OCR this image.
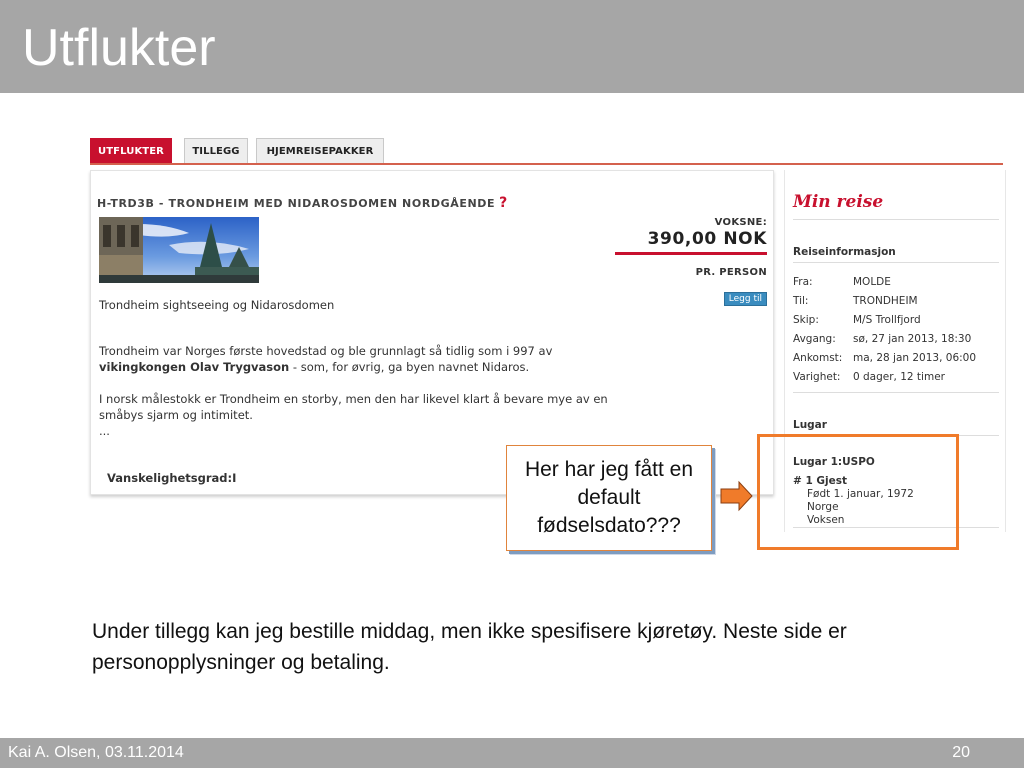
Utflukter
UTFLUKTER	TILLEGG	HJEMREISEPAKKER
H-TRD3B - TRONDHEIM MED NIDAROSDOMEN NORDGÅENDE ?
VOKSNE:
390,00 NOK
PR. PERSON
Legg til
Trondheim sightseeing og Nidarosdomen
Trondheim var Norges første hovedstad og ble grunnlagt så tidlig som i 997 av
vikingkongen Olav Trygvason - som, for øvrig, ga byen navnet Nidaros.
I norsk målestokk er Trondheim en storby, men den har likevel klart å bevare mye av en småbys sjarm og intimitet.
...
Vanskelighetsgrad:I
Min reise
Reiseinformasjon
Fra:	MOLDE
Til:	TRONDHEIM
Skip:	M/S Trollfjord
Avgang: sø, 27 jan 2013, 18:30
Ankomst: ma, 28 jan 2013, 06:00
Varighet: 0 dager, 12 timer
Lugar
Lugar 1:USPO
# 1 Gjest
Født 1. januar, 1972
Norge
Voksen
Her har jeg fått en default fødselsdato???
Under tillegg kan jeg bestille middag, men ikke spesifisere kjøretøy. Neste side er personopplysninger og betaling.
Kai A. Olsen, 03.11.2014	20
